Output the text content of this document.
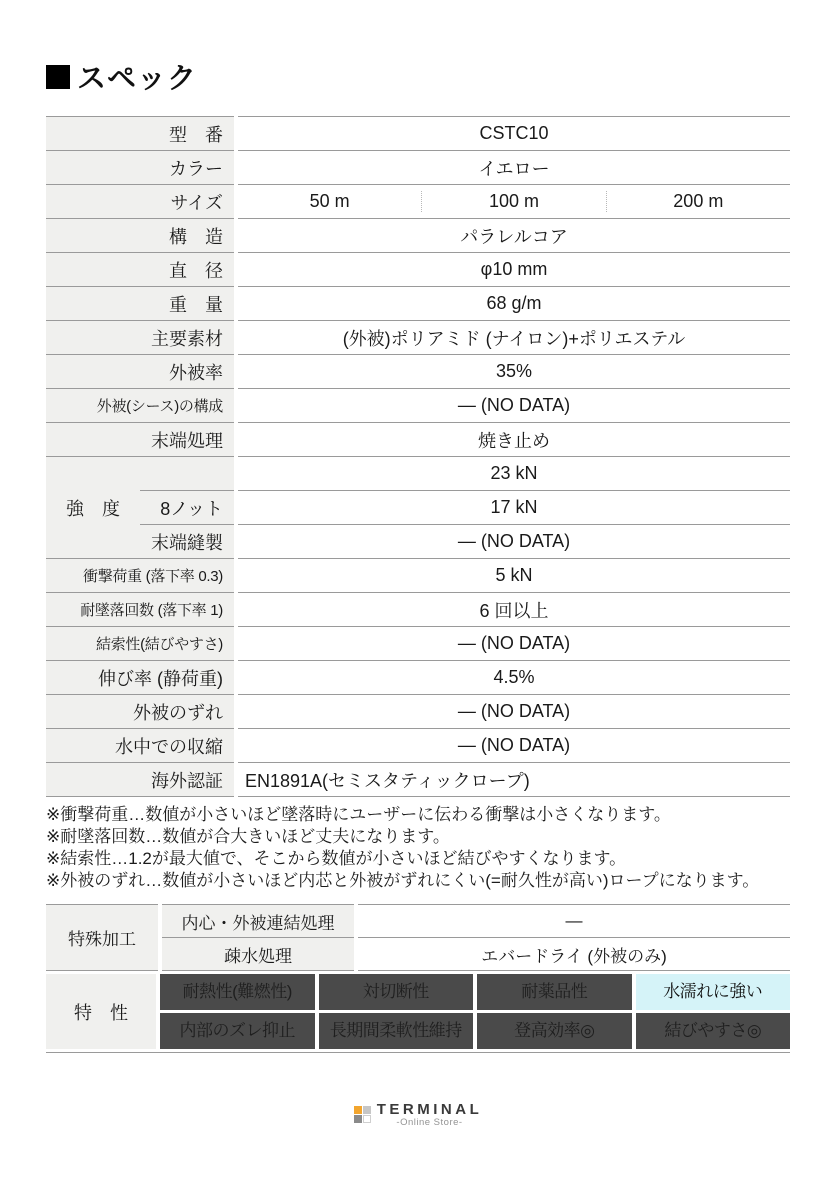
スペック
型　番		CSTC10
カラー		イエロー
サイズ		50 m 100 m 200 m

構　造		パラレルコア
直　径		φ10 mm
重　量		68 g/m
主要素材		(外被)ポリアミド (ナイロン)+ポリエステル
外被率		35%
外被(シース)の構成		― (NO DATA)
末端処理		焼き止め
強　度		23 kN
	8ノット	17 kN
	末端縫製	― (NO DATA)
衝撃荷重 (落下率 0.3)		5 kN
耐墜落回数 (落下率 1)		6 回以上
結索性(結びやすさ)		― (NO DATA)
伸び率 (静荷重)		4.5%
外被のずれ		― (NO DATA)
水中での収縮		― (NO DATA)
海外認証		EN1891A(セミスタティックロープ)

※衝撃荷重…数値が小さいほど墜落時にユーザーに伝わる衝撃は小さくなります。

※耐墜落回数…数値が合大きいほど丈夫になります。

※結索性…1.2が最大値で、そこから数値が小さいほど結びやすくなります。

※外被のずれ…数値が小さいほど内芯と外被がずれにくい(=耐久性が高い)ロープになります。

特殊加工	内心・外被連結処理	―
	疎水処理	エバードライ (外被のみ)
特　性
耐熱性(難燃性)	対切断性	耐薬品性	水濡れに強い
内部のズレ抑止	長期間柔軟性維持	登高効率◎	結びやすさ◎
TERMINAL
-Online Store-
